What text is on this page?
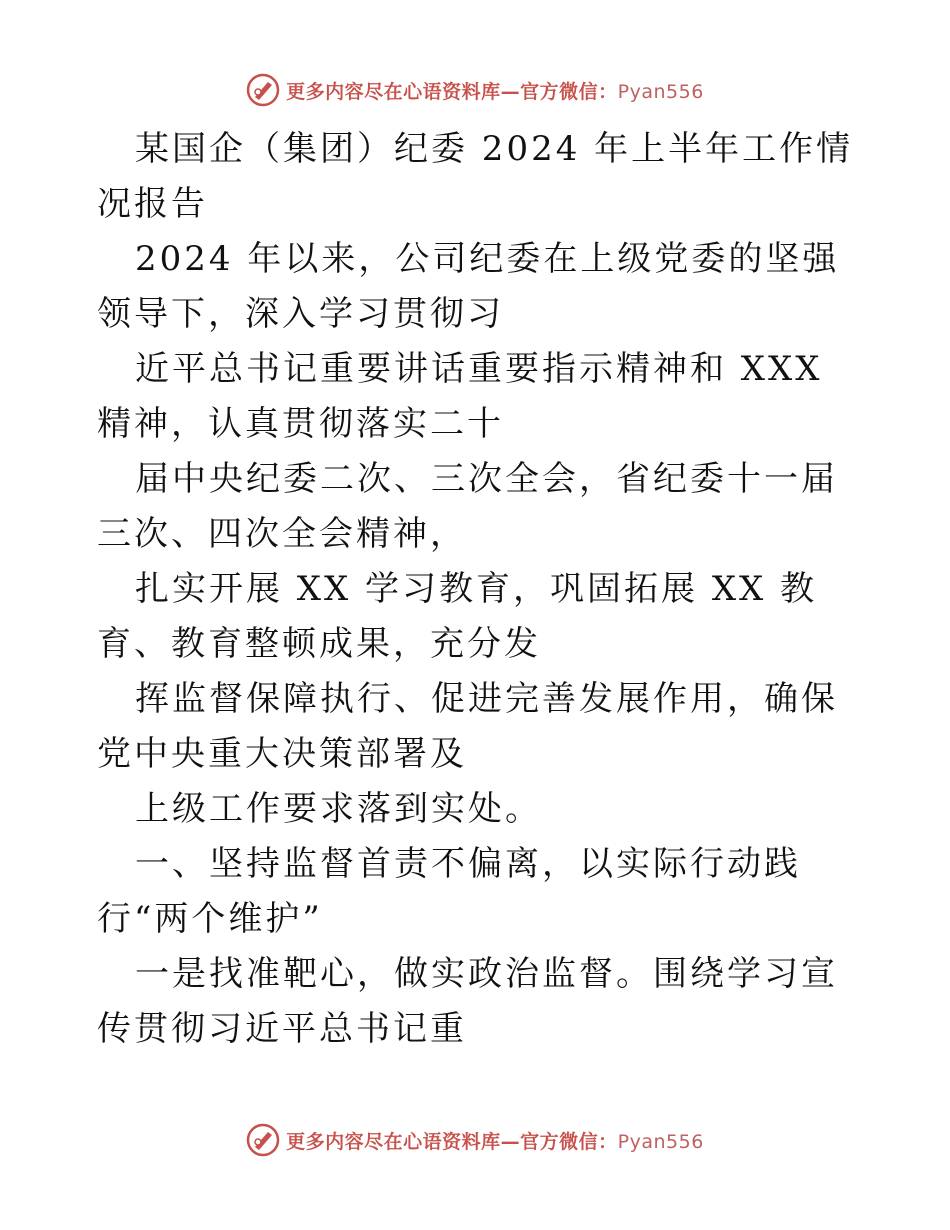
更多内容尽在心语资料库—官方微信：Pyan556

某国企（集团）纪委 2024 年上半年工作情况报告

2024 年以来，公司纪委在上级党委的坚强领导下，深入学习贯彻习

近平总书记重要讲话重要指示精神和 XXX 精神，认真贯彻落实二十

届中央纪委二次、三次全会，省纪委十一届三次、四次全会精神，

扎实开展 XX 学习教育，巩固拓展 XX 教育、教育整顿成果，充分发

挥监督保障执行、促进完善发展作用，确保党中央重大决策部署及

上级工作要求落到实处。

一、坚持监督首责不偏离，以实际行动践行“两个维护”

一是找准靶心，做实政治监督。围绕学习宣传贯彻习近平总书记重

更多内容尽在心语资料库—官方微信：Pyan556
